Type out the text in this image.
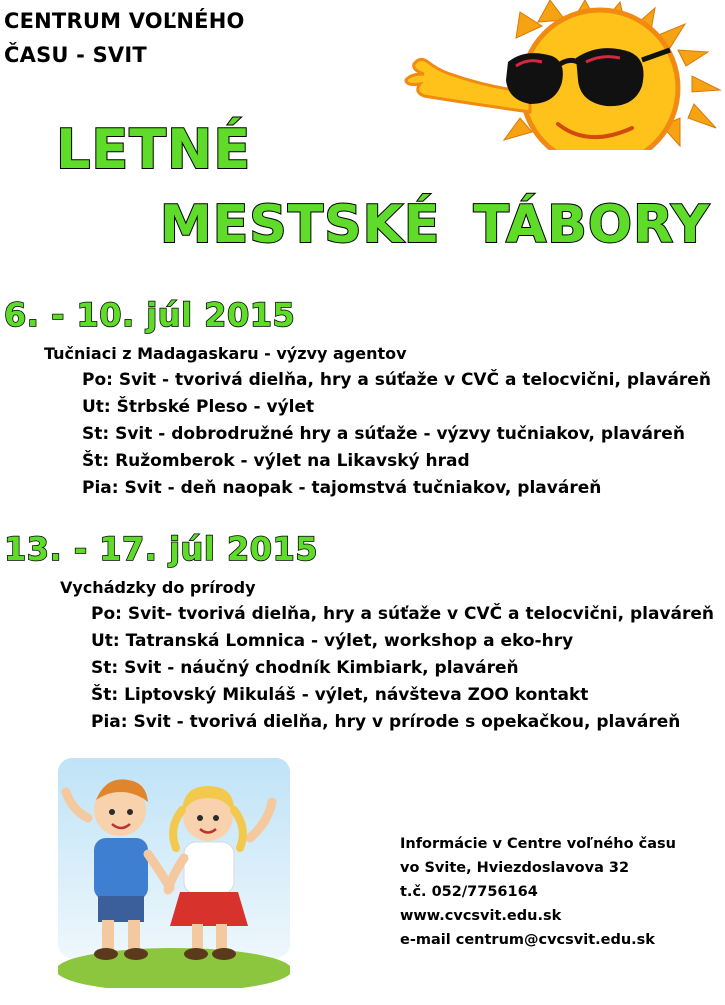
CENTRUM VOĽNÉHO
ČASU - SVIT
LETNÉ
MESTSKÉ TÁBORY
6. - 10. júl 2015
Tučniaci z Madagaskaru - výzvy agentov
Po: Svit - tvorivá dielňa, hry a súťaže v CVČ a telocvični, plaváreň
Ut: Štrbské Pleso - výlet
St: Svit - dobrodružné hry a súťaže - výzvy tučniakov, plaváreň
Št: Ružomberok - výlet na Likavský hrad
Pia: Svit - deň naopak - tajomstvá tučniakov, plaváreň
13. - 17. júl 2015
Vychádzky do prírody
Po: Svit- tvorivá dielňa, hry a súťaže v CVČ a telocvični, plaváreň
Ut: Tatranská Lomnica - výlet, workshop a eko-hry
St: Svit - náučný chodník Kimbiark, plaváreň
Št: Liptovský Mikuláš - výlet, návšteva ZOO kontakt
Pia: Svit - tvorivá dielňa, hry v prírode s opekačkou, plaváreň
Informácie v Centre voľného času
vo Svite, Hviezdoslavova 32
t.č. 052/7756164
www.cvcsvit.edu.sk
e-mail centrum@cvcsvit.edu.sk
